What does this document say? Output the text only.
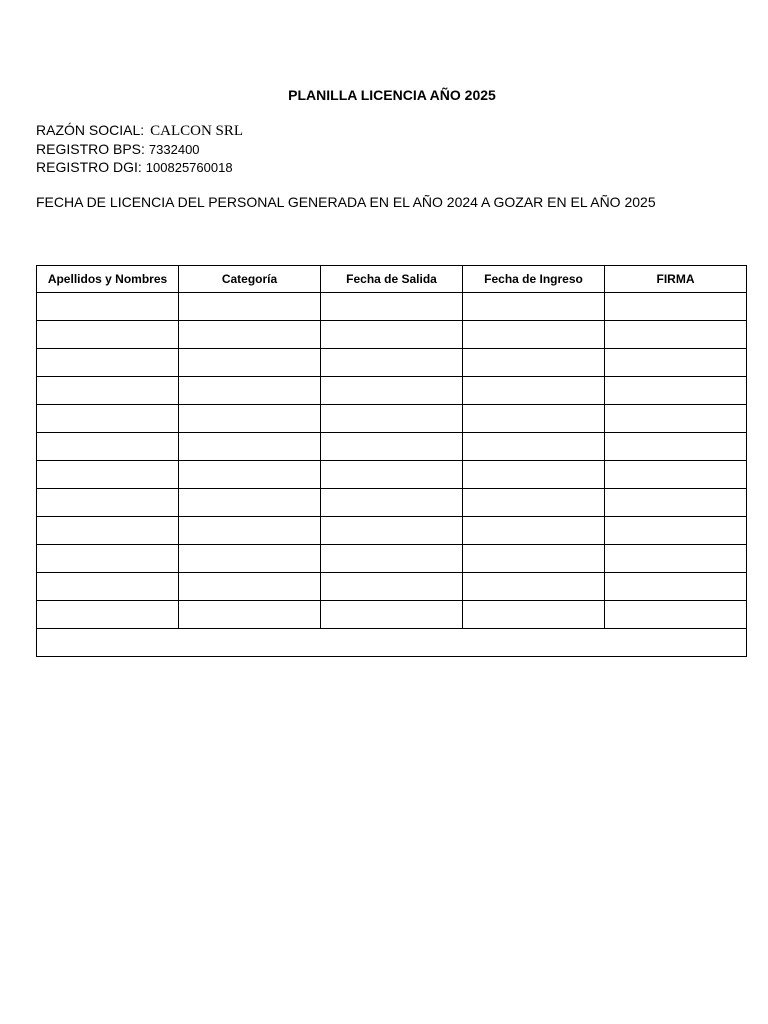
PLANILLA LICENCIA AÑO 2025
RAZÓN SOCIAL: CALCON SRL
REGISTRO BPS: 7332400
REGISTRO DGI: 100825760018
FECHA DE LICENCIA DEL PERSONAL GENERADA EN EL AÑO 2024 A GOZAR EN EL AÑO 2025
Apellidos y Nombres	Categoría	Fecha de Salida	Fecha de Ingreso	FIRMA
